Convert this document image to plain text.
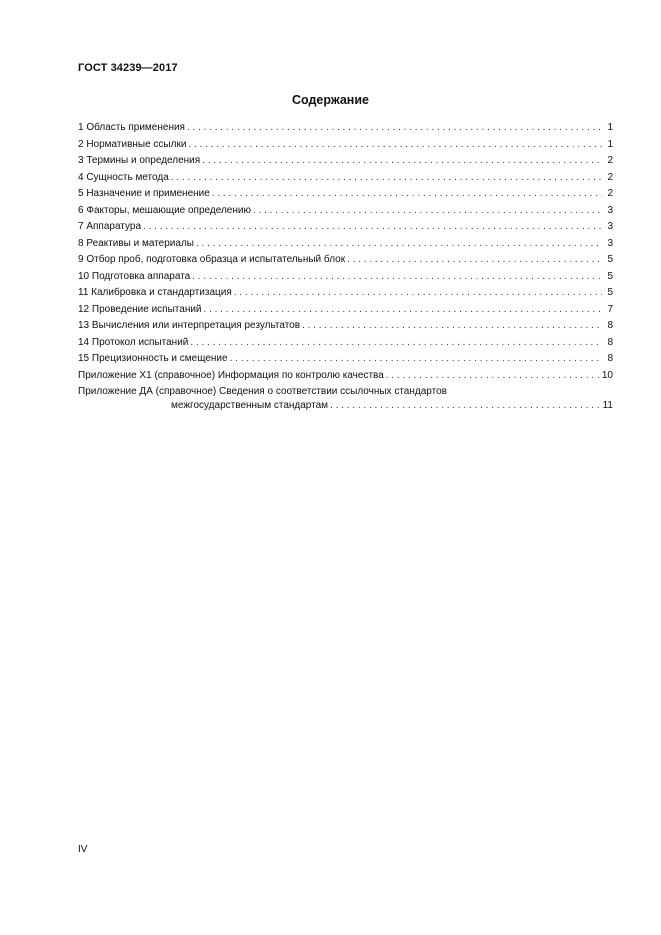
ГОСТ 34239—2017
Содержание
1 Область применения . . .	1
2 Нормативные ссылки . . .	1
3 Термины и определения . . .	2
4 Сущность метода . . .	2
5 Назначение и применение . . .	2
6 Факторы, мешающие определению . . .	3
7 Аппаратура . . .	3
8 Реактивы и материалы . . .	3
9 Отбор проб, подготовка образца и испытательный блок . . .	5
10 Подготовка аппарата . . .	5
11 Калибровка и стандартизация . . .	5
12 Проведение испытаний . . .	7
13 Вычисления или интерпретация результатов . . .	8
14 Протокол испытаний . . .	8
15 Прецизионность и смещение . . .	8
Приложение Х1 (справочное) Информация по контролю качества . . .	10
Приложение ДА (справочное) Сведения о соответствии ссылочных стандартов
межгосударственным стандартам . . .	11
IV
